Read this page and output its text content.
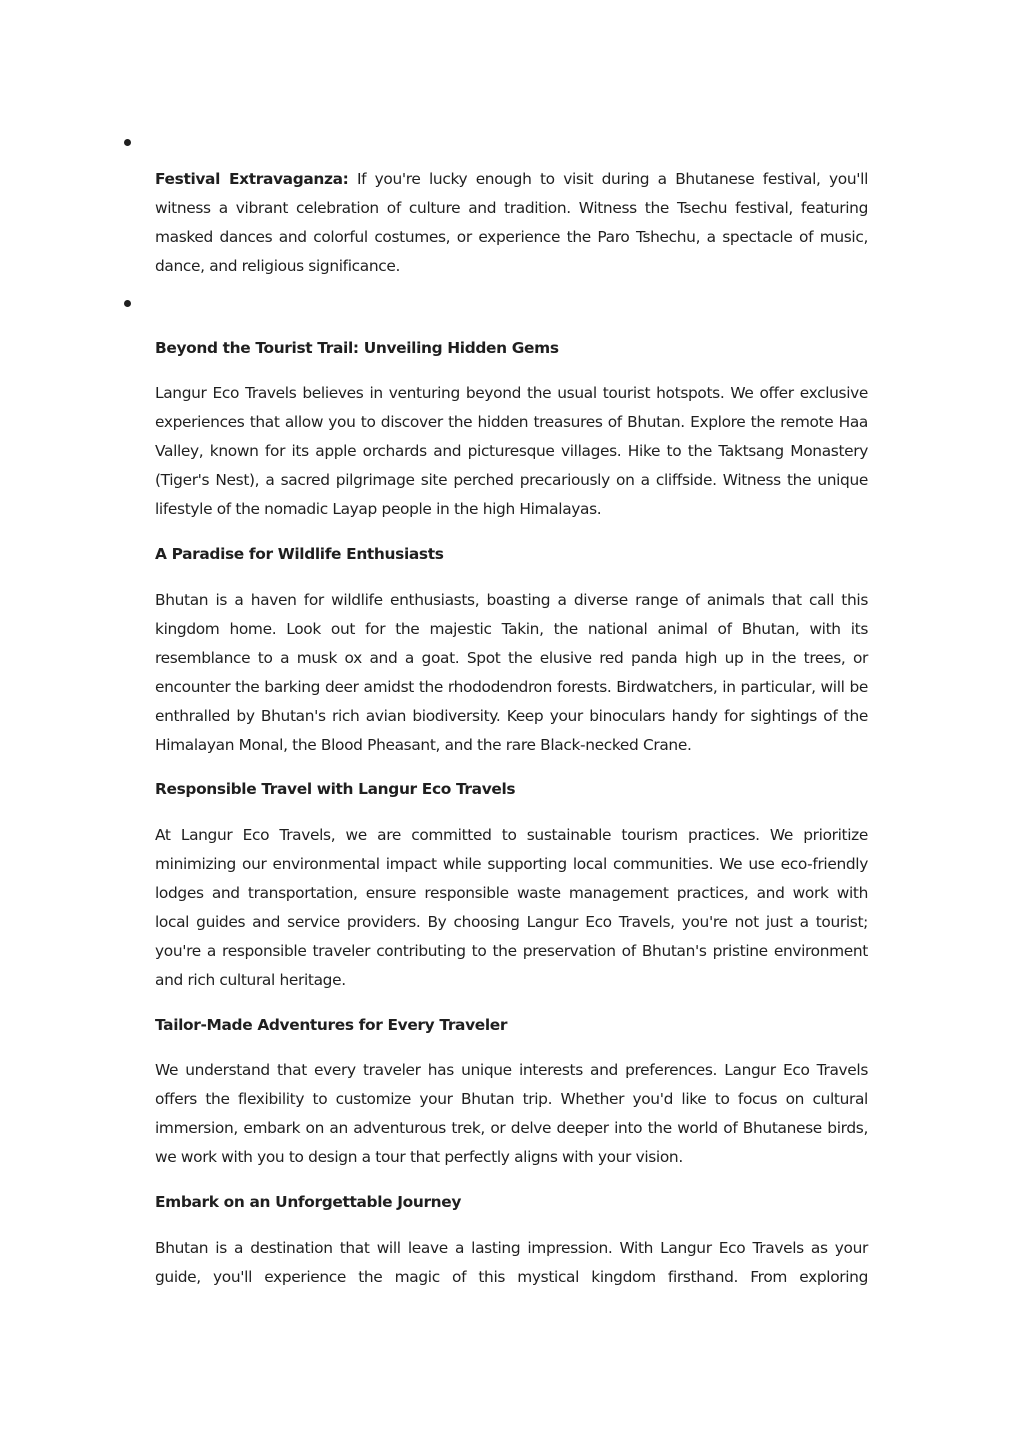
Festival Extravaganza: If you're lucky enough to visit during a Bhutanese festival, you'll witness a vibrant celebration of culture and tradition. Witness the Tsechu festival, featuring masked dances and colorful costumes, or experience the Paro Tshechu, a spectacle of music, dance, and religious significance.

Beyond the Tourist Trail: Unveiling Hidden Gems

Langur Eco Travels believes in venturing beyond the usual tourist hotspots. We offer exclusive experiences that allow you to discover the hidden treasures of Bhutan. Explore the remote Haa Valley, known for its apple orchards and picturesque villages. Hike to the Taktsang Monastery (Tiger's Nest), a sacred pilgrimage site perched precariously on a cliffside. Witness the unique lifestyle of the nomadic Layap people in the high Himalayas.

A Paradise for Wildlife Enthusiasts

Bhutan is a haven for wildlife enthusiasts, boasting a diverse range of animals that call this kingdom home. Look out for the majestic Takin, the national animal of Bhutan, with its resemblance to a musk ox and a goat. Spot the elusive red panda high up in the trees, or encounter the barking deer amidst the rhododendron forests. Birdwatchers, in particular, will be enthralled by Bhutan's rich avian biodiversity. Keep your binoculars handy for sightings of the Himalayan Monal, the Blood Pheasant, and the rare Black-necked Crane.

Responsible Travel with Langur Eco Travels

At Langur Eco Travels, we are committed to sustainable tourism practices. We prioritize minimizing our environmental impact while supporting local communities. We use eco-friendly lodges and transportation, ensure responsible waste management practices, and work with local guides and service providers. By choosing Langur Eco Travels, you're not just a tourist; you're a responsible traveler contributing to the preservation of Bhutan's pristine environment and rich cultural heritage.

Tailor-Made Adventures for Every Traveler

We understand that every traveler has unique interests and preferences. Langur Eco Travels offers the flexibility to customize your Bhutan trip. Whether you'd like to focus on cultural immersion, embark on an adventurous trek, or delve deeper into the world of Bhutanese birds, we work with you to design a tour that perfectly aligns with your vision.

Embark on an Unforgettable Journey

Bhutan is a destination that will leave a lasting impression. With Langur Eco Travels as your guide, you'll experience the magic of this mystical kingdom firsthand. From exploring
